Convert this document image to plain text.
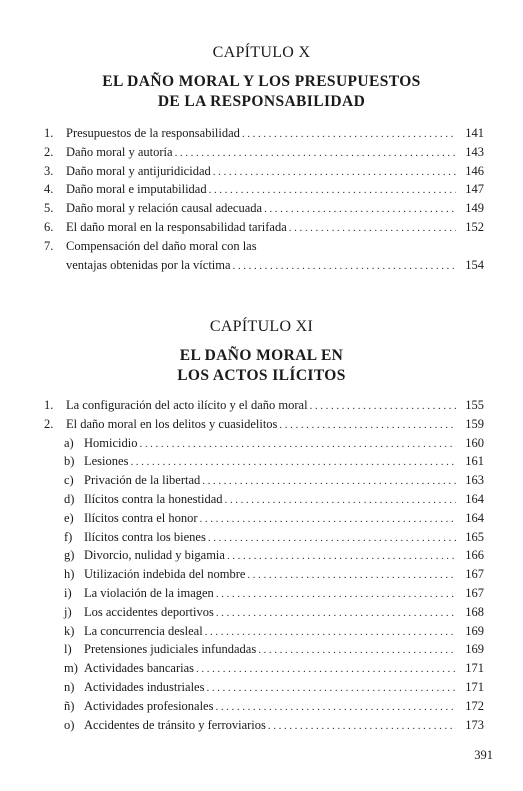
CAPÍTULO X
EL DAÑO MORAL Y LOS PRESUPUESTOS
DE LA RESPONSABILIDAD
1.	Presupuestos de la responsabilidad .....	141
2.	Daño moral y autoría .....	143
3.	Daño moral y antijuridicidad .....	146
4.	Daño moral e imputabilidad .....	147
5.	Daño moral y relación causal adecuada .....	149
6.	El daño moral en la responsabilidad tarifada .....	152
7.	Compensación del daño moral con las
ventajas obtenidas por la víctima .....	154
CAPÍTULO XI
EL DAÑO MORAL EN
LOS ACTOS ILÍCITOS
1.	La configuración del acto ilícito y el daño moral .....	155
2.	El daño moral en los delitos y cuasidelitos .....	159
a) Homicidio .....	160
b) Lesiones .....	161
c) Privación de la libertad .....	163
d) Ilícitos contra la honestidad .....	164
e) Ilícitos contra el honor .....	164
f) Ilícitos contra los bienes .....	165
g) Divorcio, nulidad y bigamia .....	166
h) Utilización indebida del nombre .....	167
i) La violación de la imagen .....	167
j) Los accidentes deportivos .....	168
k) La concurrencia desleal .....	169
l) Pretensiones judiciales infundadas .....	169
m) Actividades bancarias .....	171
n) Actividades industriales .....	171
ñ) Actividades profesionales .....	172
o) Accidentes de tránsito y ferroviarios .....	173
391
